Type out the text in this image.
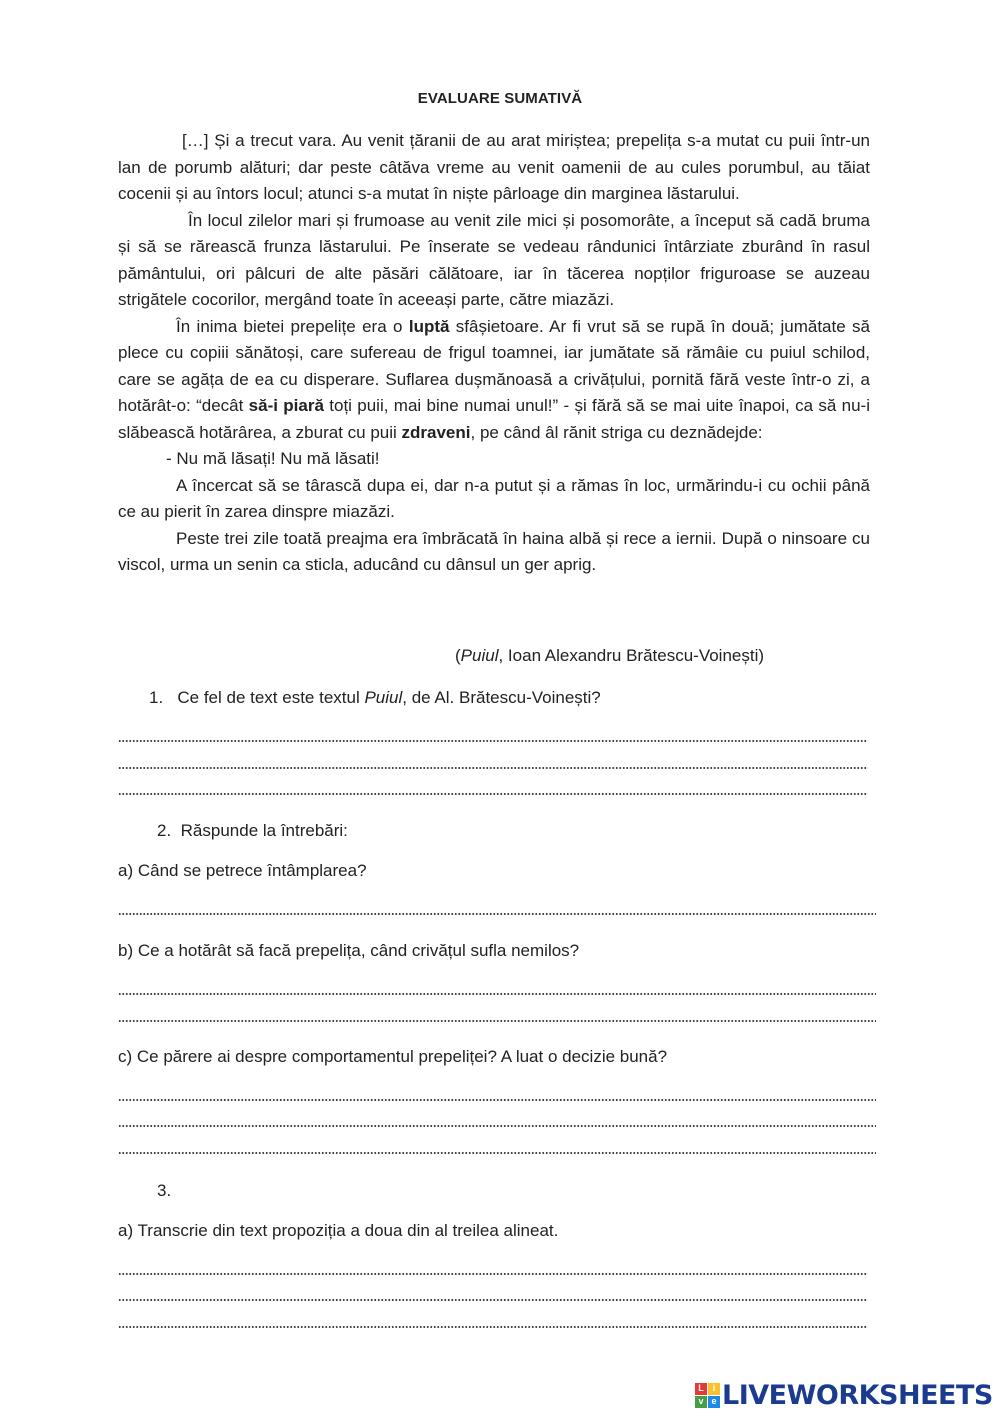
EVALUARE SUMATIVĂ

[…] Și a trecut vara. Au venit țăranii de au arat miriștea; prepelița s-a mutat cu puii într-un lan de porumb alături; dar peste câtăva vreme au venit oamenii de au cules porumbul, au tăiat cocenii și au întors locul; atunci s-a mutat în niște pârloage din marginea lăstarului.

În locul zilelor mari și frumoase au venit zile mici și posomorâte, a început să cadă bruma și să se rărească frunza lăstarului. Pe înserate se vedeau rândunici întârziate zburând în rasul pământului, ori pâlcuri de alte păsări călătoare, iar în tăcerea nopților friguroase se auzeau strigătele cocorilor, mergând toate în aceeași parte, către miazăzi.

În inima bietei prepelițe era o luptă sfâșietoare. Ar fi vrut să se rupă în două; jumătate să plece cu copiii sănătoși, care sufereau de frigul toamnei, iar jumătate să rămâie cu puiul schilod, care se agăța de ea cu disperare. Suflarea dușmănoasă a crivățului, pornită fără veste într-o zi, a hotărât-o: “decât să-i piară toți puii, mai bine numai unul!” - și fără să se mai uite înapoi, ca să nu-i slăbească hotărârea, a zburat cu puii zdraveni, pe când âl rănit striga cu deznădejde:

- Nu mă lăsați! Nu mă lăsati!

A încercat să se târască dupa ei, dar n-a putut și a rămas în loc, urmărindu-i cu ochii până ce au pierit în zarea dinspre miazăzi.

Peste trei zile toată preajma era îmbrăcată în haina albă și rece a iernii. După o ninsoare cu viscol, urma un senin ca sticla, aducând cu dânsul un ger aprig.

(Puiul, Ioan Alexandru Brătescu-Voinești)
1. Ce fel de text este textul Puiul, de Al. Brătescu-Voinești?
2. Răspunde la întrebări:
a) Când se petrece întâmplarea?
b) Ce a hotărât să facă prepelița, când crivățul sufla nemilos?
c) Ce părere ai despre comportamentul prepeliței? A luat o decizie bună?
3.
a) Transcrie din text propoziția a doua din al treilea alineat.
L i
v e LIVEWORKSHEETS
